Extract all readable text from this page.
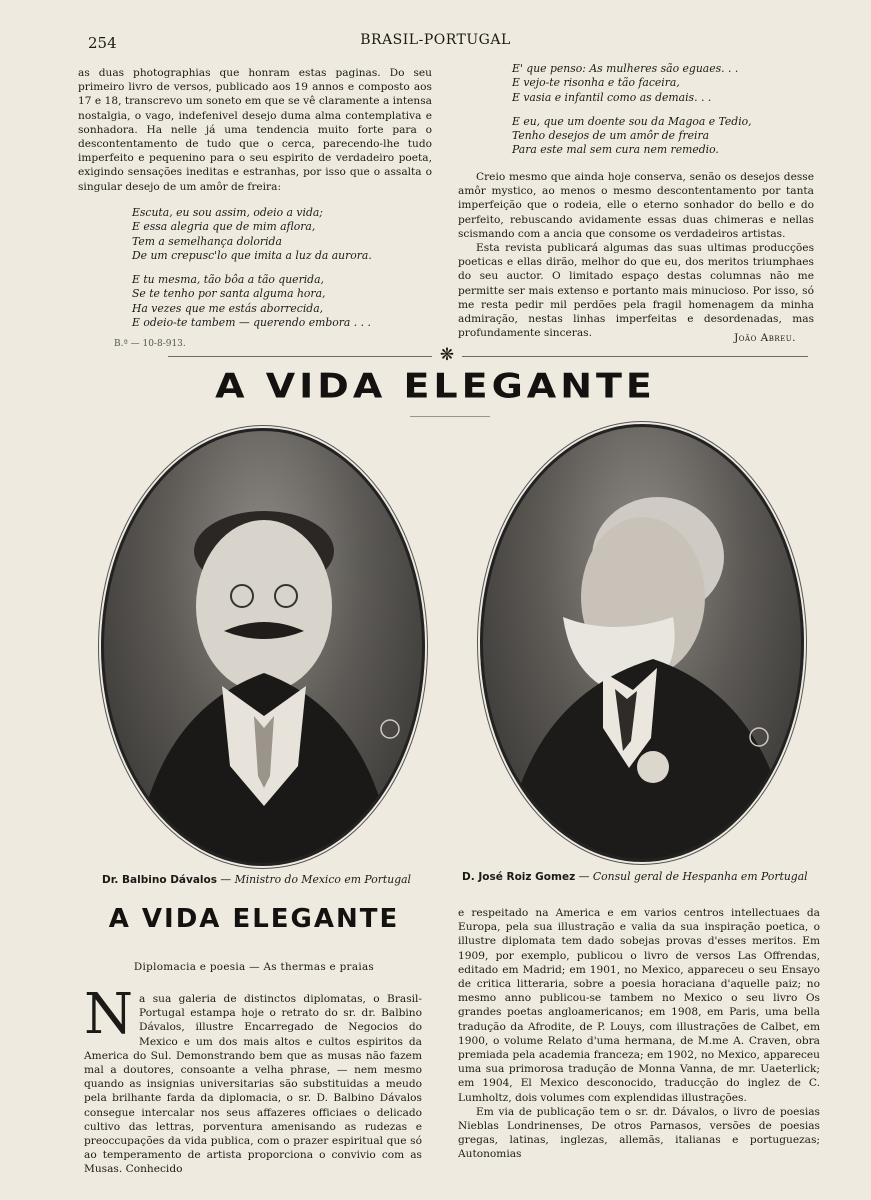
254	BRASIL-PORTUGAL

as duas photographias que honram estas paginas. Do seu primeiro livro de versos, publicado aos 19 annos e composto aos 17 e 18, transcrevo um soneto em que se vê claramente a intensa nostalgia, o vago, indefenivel desejo duma alma contemplativa e sonhadora. Ha nelle já uma tendencia muito forte para o descontentamento de tudo que o cerca, parecendo-lhe tudo imperfeito e pequenino para o seu espirito de verdadeiro poeta, exigindo sensações ineditas e estranhas, por isso que o assalta o singular desejo de um amôr de freira:

Escuta, eu sou assim, odeio a vida;
E essa alegria que de mim aflora,
Tem a semelhança dolorida
De um crepusc'lo que imita a luz da aurora.
E tu mesma, tão bôa a tão querida,
Se te tenho por santa alguma hora,
Ha vezes que me estás aborrecida,
E odeio-te tambem — querendo embora . . .
B.ª — 10-8-913.
E' que penso: As mulheres são eguaes. . .
E vejo-te risonha e tão faceira,
E vasia e infantil como as demais. . .
E eu, que um doente sou da Magoa e Tedio,
Tenho desejos de um amôr de freira
Para este mal sem cura nem remedio.

Creio mesmo que ainda hoje conserva, senão os desejos desse amôr mystico, ao menos o mesmo descontentamento por tanta imperfeição que o rodeia, elle o eterno sonhador do bello e do perfeito, rebuscando avidamente essas duas chimeras e nellas scismando com a ancia que consome os verdadeiros artistas.

Esta revista publicará algumas das suas ultimas producções poeticas e ellas dirão, melhor do que eu, dos meritos triumphaes do seu auctor. O limitado espaço destas columnas não me permitte ser mais extenso e portanto mais minucioso. Por isso, só me resta pedir mil perdões pela fragil homenagem da minha admiração, nestas linhas imperfeitas e desordenadas, mas profundamente sinceras.	João Abreu.
❋
A VIDA ELEGANTE
Dr. Balbino Dávalos — Ministro do Mexico em Portugal	D. José Roiz Gomez — Consul geral de Hespanha em Portugal
A VIDA ELEGANTE
Diplomacia e poesia — As thermas e praias
N a sua galeria de distinctos diplomatas, o Brasil-Portugal estampa hoje o retrato do sr. dr. Balbino Dávalos, illustre Encarregado de Negocios do Mexico e um dos mais altos e cultos espiritos da America do Sul. Demonstrando bem que as musas não fazem mal a doutores, consoante a velha phrase, — nem mesmo quando as insignias universitarias são substituidas a meudo pela brilhante farda da diplomacia, o sr. D. Balbino Dávalos consegue intercalar nos seus affazeres officiaes o delicado cultivo das lettras, porventura amenisando as rudezas e preoccupações da vida publica, com o prazer espiritual que só ao temperamento de artista proporciona o convivio com as Musas. Conhecido

e respeitado na America e em varios centros intellectuaes da Europa, pela sua illustração e valia da sua inspiração poetica, o illustre diplomata tem dado sobejas provas d'esses meritos. Em 1909, por exemplo, publicou o livro de versos Las Offrendas, editado em Madrid; em 1901, no Mexico, appareceu o seu Ensayo de critica litteraria, sobre a poesia horaciana d'aquelle paiz; no mesmo anno publicou-se tambem no Mexico o seu livro Os grandes poetas angloamericanos; em 1908, em Paris, uma bella tradução da Afrodite, de P. Louys, com illustrações de Calbet, em 1900, o volume Relato d'uma hermana, de M.me A. Craven, obra premiada pela academia franceza; em 1902, no Mexico, appareceu uma sua primorosa tradução de Monna Vanna, de mr. Uaeterlick; em 1904, El Mexico desconocido, traducção do inglez de C. Lumholtz, dois volumes com explendidas illustrações.

Em via de publicação tem o sr. dr. Dávalos, o livro de poesias Nieblas Londrinenses, De otros Parnasos, versões de poesias gregas, latinas, inglezas, allemãs, italianas e portuguezas; Autonomias
